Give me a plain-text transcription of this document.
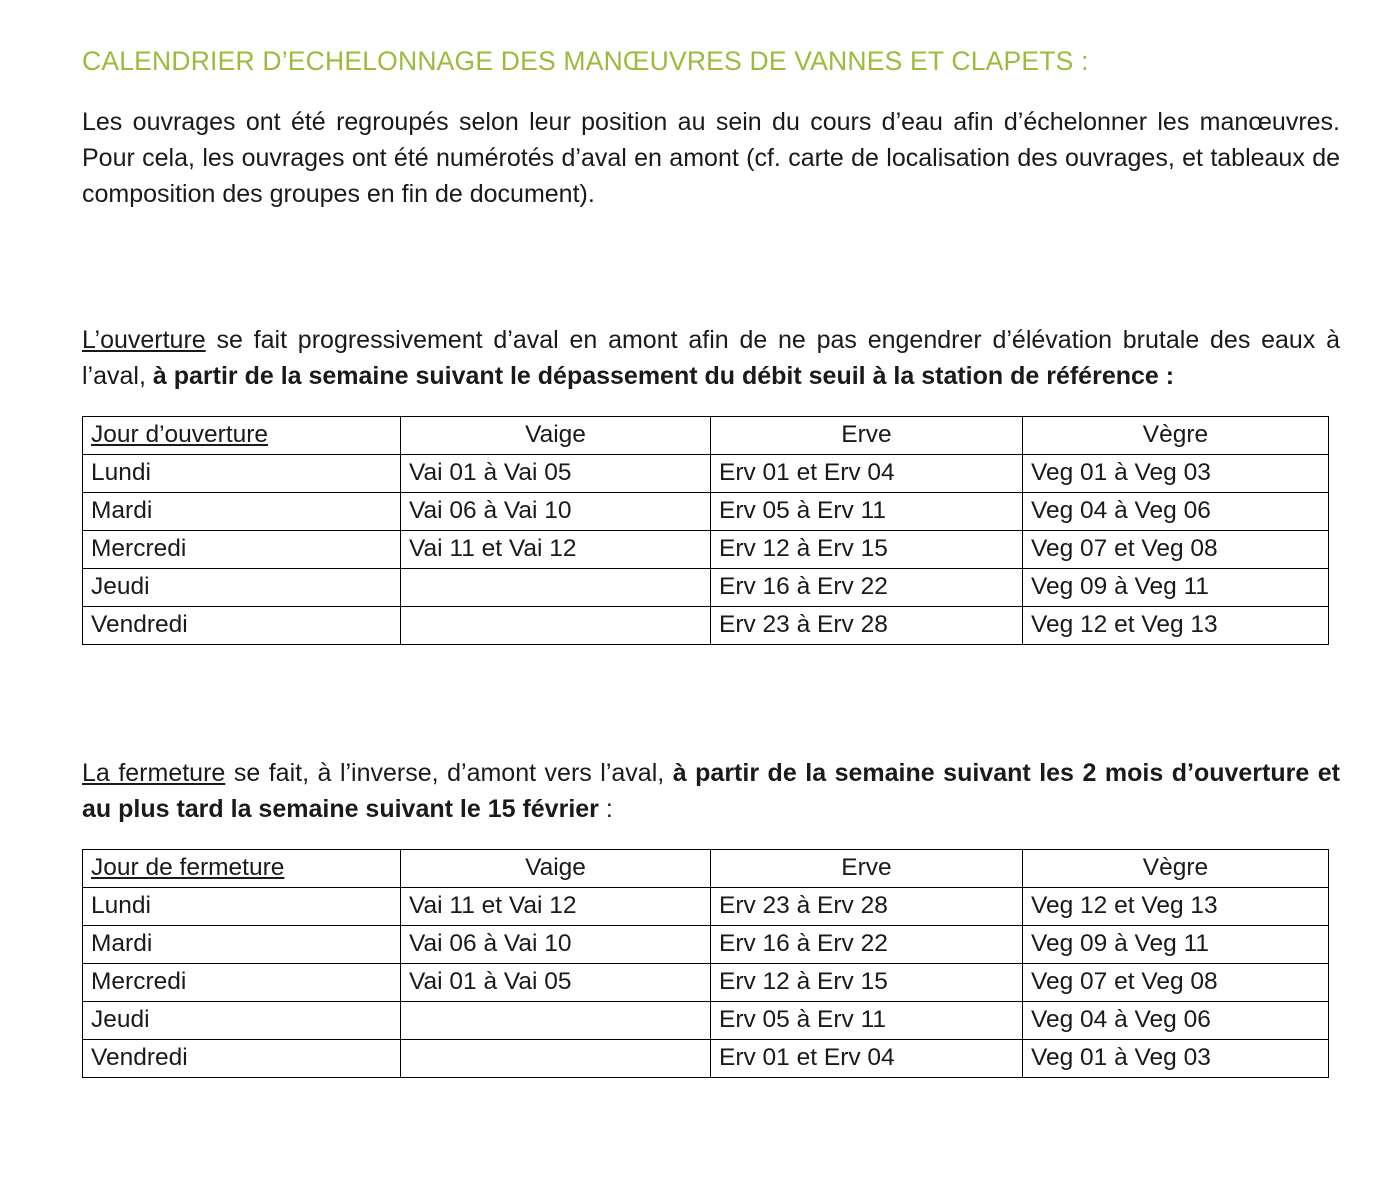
CALENDRIER D’ECHELONNAGE DES MANŒUVRES DE VANNES ET CLAPETS :

Les ouvrages ont été regroupés selon leur position au sein du cours d’eau afin d’échelonner les manœuvres. Pour cela, les ouvrages ont été numérotés d’aval en amont (cf. carte de localisation des ouvrages, et tableaux de composition des groupes en fin de document).

L’ouverture se fait progressivement d’aval en amont afin de ne pas engendrer d’élévation brutale des eaux à l’aval, à partir de la semaine suivant le dépassement du débit seuil à la station de référence :

Jour d’ouverture	Vaige	Erve	Vègre
Lundi	Vai 01 à Vai 05	Erv 01 et Erv 04	Veg 01 à Veg 03
Mardi	Vai 06 à Vai 10	Erv 05 à Erv 11	Veg 04 à Veg 06
Mercredi	Vai 11 et Vai 12	Erv 12 à Erv 15	Veg 07 et Veg 08
Jeudi		Erv 16 à Erv 22	Veg 09 à Veg 11
Vendredi		Erv 23 à Erv 28	Veg 12 et Veg 13

La fermeture se fait, à l’inverse, d’amont vers l’aval, à partir de la semaine suivant les 2 mois d’ouverture et au plus tard la semaine suivant le 15 février :

Jour de fermeture	Vaige	Erve	Vègre
Lundi	Vai 11 et Vai 12	Erv 23 à Erv 28	Veg 12 et Veg 13
Mardi	Vai 06 à Vai 10	Erv 16 à Erv 22	Veg 09 à Veg 11
Mercredi	Vai 01 à Vai 05	Erv 12 à Erv 15	Veg 07 et Veg 08
Jeudi		Erv 05 à Erv 11	Veg 04 à Veg 06
Vendredi		Erv 01 et Erv 04	Veg 01 à Veg 03
